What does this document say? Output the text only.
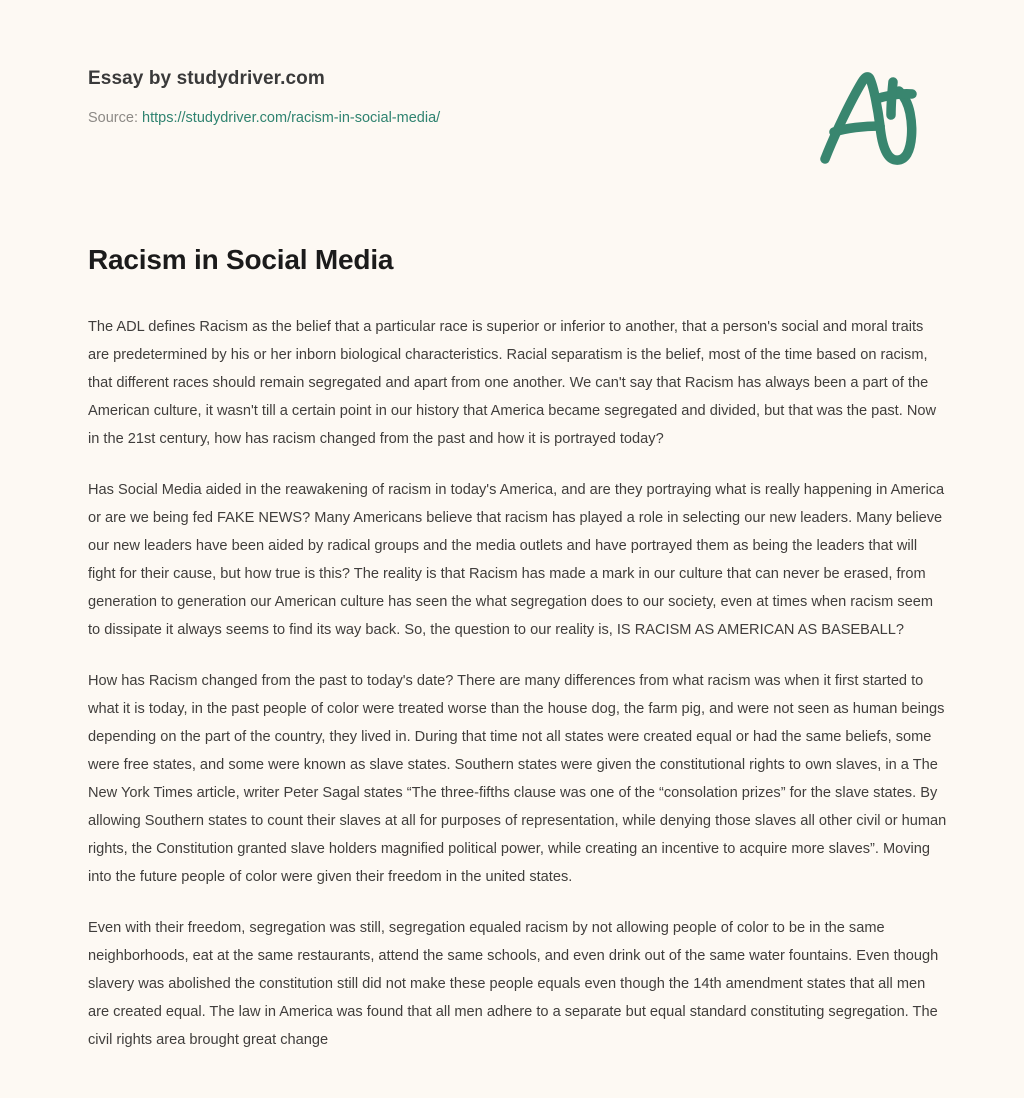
Essay by studydriver.com
Source: https://studydriver.com/racism-in-social-media/
Racism in Social Media

The ADL defines Racism as the belief that a particular race is superior or inferior to another, that a person's social and moral traits are predetermined by his or her inborn biological characteristics. Racial separatism is the belief, most of the time based on racism, that different races should remain segregated and apart from one another. We can't say that Racism has always been a part of the American culture, it wasn't till a certain point in our history that America became segregated and divided, but that was the past. Now in the 21st century, how has racism changed from the past and how it is portrayed today?

Has Social Media aided in the reawakening of racism in today's America, and are they portraying what is really happening in America or are we being fed FAKE NEWS? Many Americans believe that racism has played a role in selecting our new leaders. Many believe our new leaders have been aided by radical groups and the media outlets and have portrayed them as being the leaders that will fight for their cause, but how true is this? The reality is that Racism has made a mark in our culture that can never be erased, from generation to generation our American culture has seen the what segregation does to our society, even at times when racism seem to dissipate it always seems to find its way back. So, the question to our reality is, IS RACISM AS AMERICAN AS BASEBALL?

How has Racism changed from the past to today's date? There are many differences from what racism was when it first started to what it is today, in the past people of color were treated worse than the house dog, the farm pig, and were not seen as human beings depending on the part of the country, they lived in. During that time not all states were created equal or had the same beliefs, some were free states, and some were known as slave states. Southern states were given the constitutional rights to own slaves, in a The New York Times article, writer Peter Sagal states “The three-fifths clause was one of the “consolation prizes” for the slave states. By allowing Southern states to count their slaves at all for purposes of representation, while denying those slaves all other civil or human rights, the Constitution granted slave holders magnified political power, while creating an incentive to acquire more slaves”. Moving into the future people of color were given their freedom in the united states.

Even with their freedom, segregation was still, segregation equaled racism by not allowing people of color to be in the same neighborhoods, eat at the same restaurants, attend the same schools, and even drink out of the same water fountains. Even though slavery was abolished the constitution still did not make these people equals even though the 14th amendment states that all men are created equal. The law in America was found that all men adhere to a separate but equal standard constituting segregation. The civil rights area brought great change
